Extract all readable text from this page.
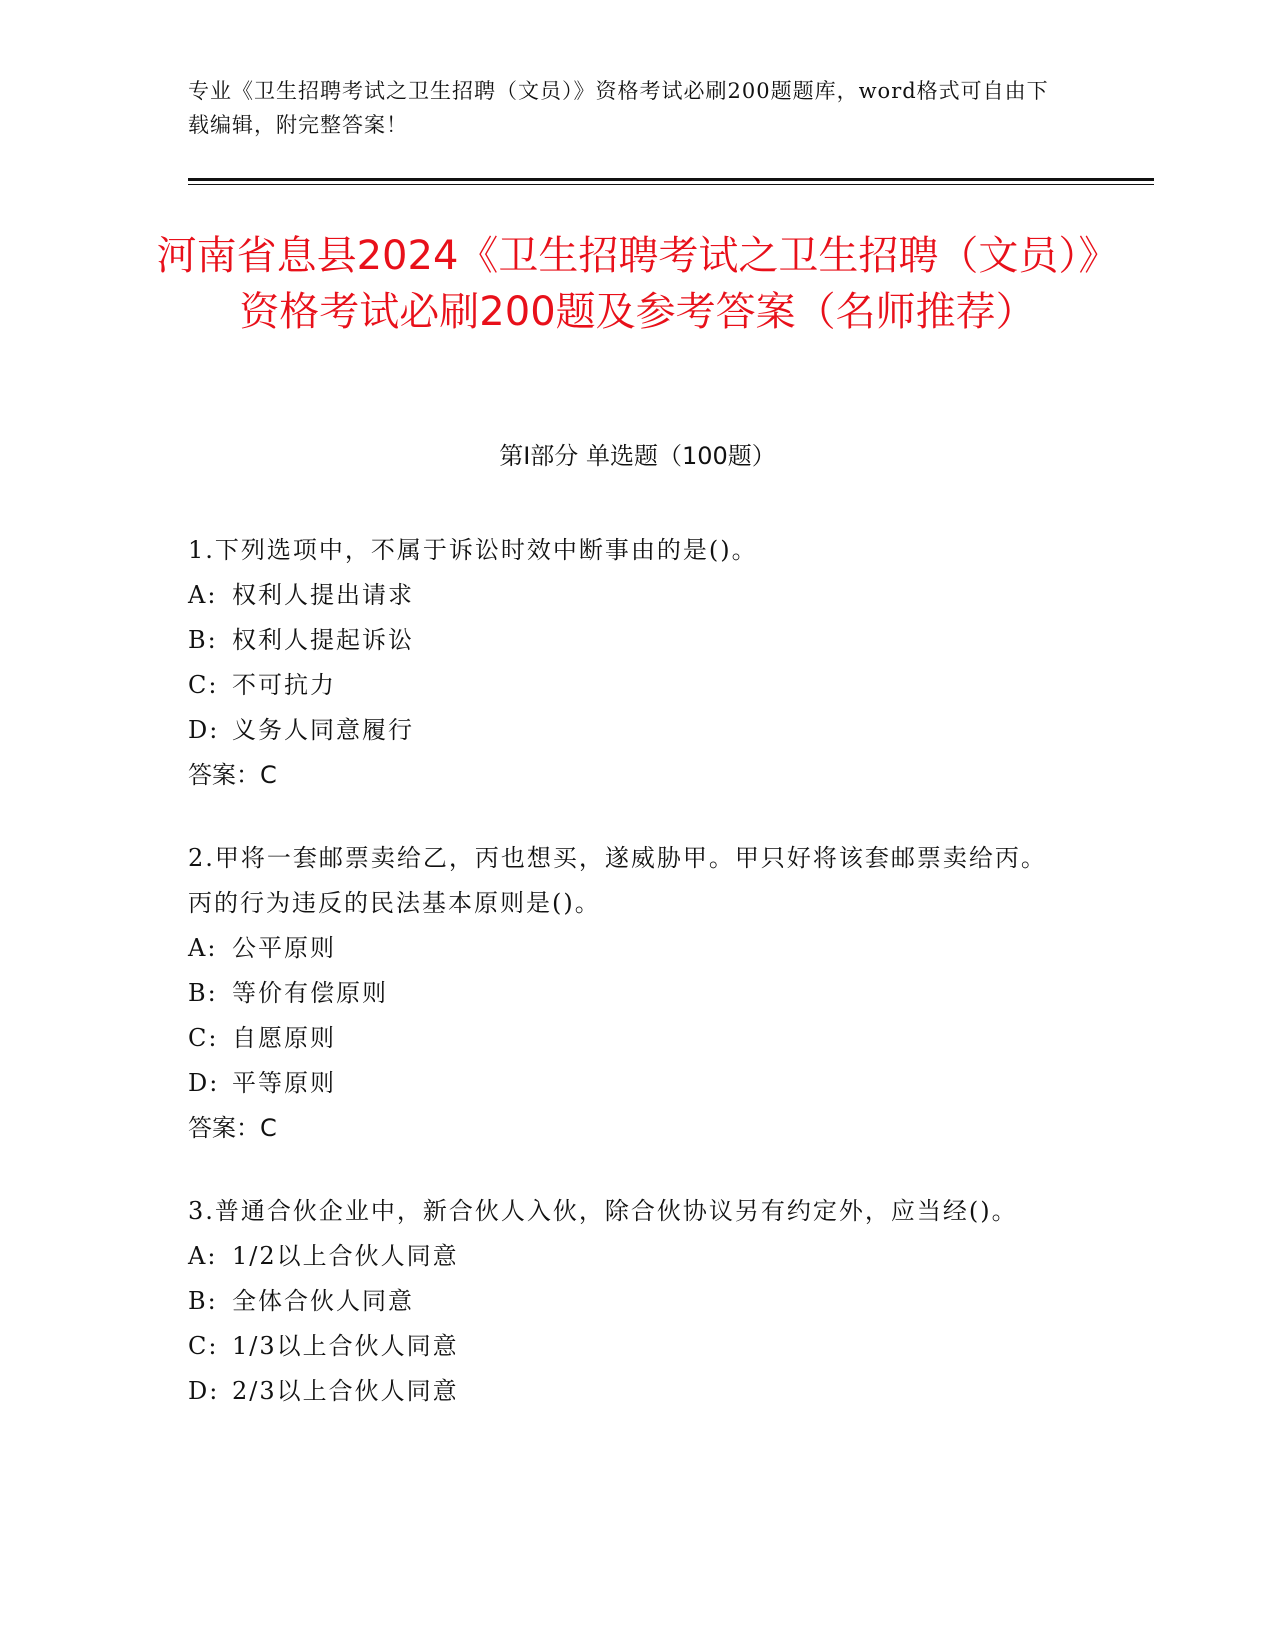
专业《卫生招聘考试之卫生招聘（文员）》资格考试必刷200题题库，word格式可自由下载编辑，附完整答案！
河南省息县2024《卫生招聘考试之卫生招聘（文员）》资格考试必刷200题及参考答案（名师推荐）
第Ⅰ部分 单选题（100题）
1.下列选项中，不属于诉讼时效中断事由的是()。
A: 权利人提出请求
B: 权利人提起诉讼
C: 不可抗力
D: 义务人同意履行
答案：C
2.甲将一套邮票卖给乙，丙也想买，遂威胁甲。甲只好将该套邮票卖给丙。丙的行为违反的民法基本原则是()。
A: 公平原则
B: 等价有偿原则
C: 自愿原则
D: 平等原则
答案：C
3.普通合伙企业中，新合伙人入伙，除合伙协议另有约定外，应当经()。
A: 1/2以上合伙人同意
B: 全体合伙人同意
C: 1/3以上合伙人同意
D: 2/3以上合伙人同意
